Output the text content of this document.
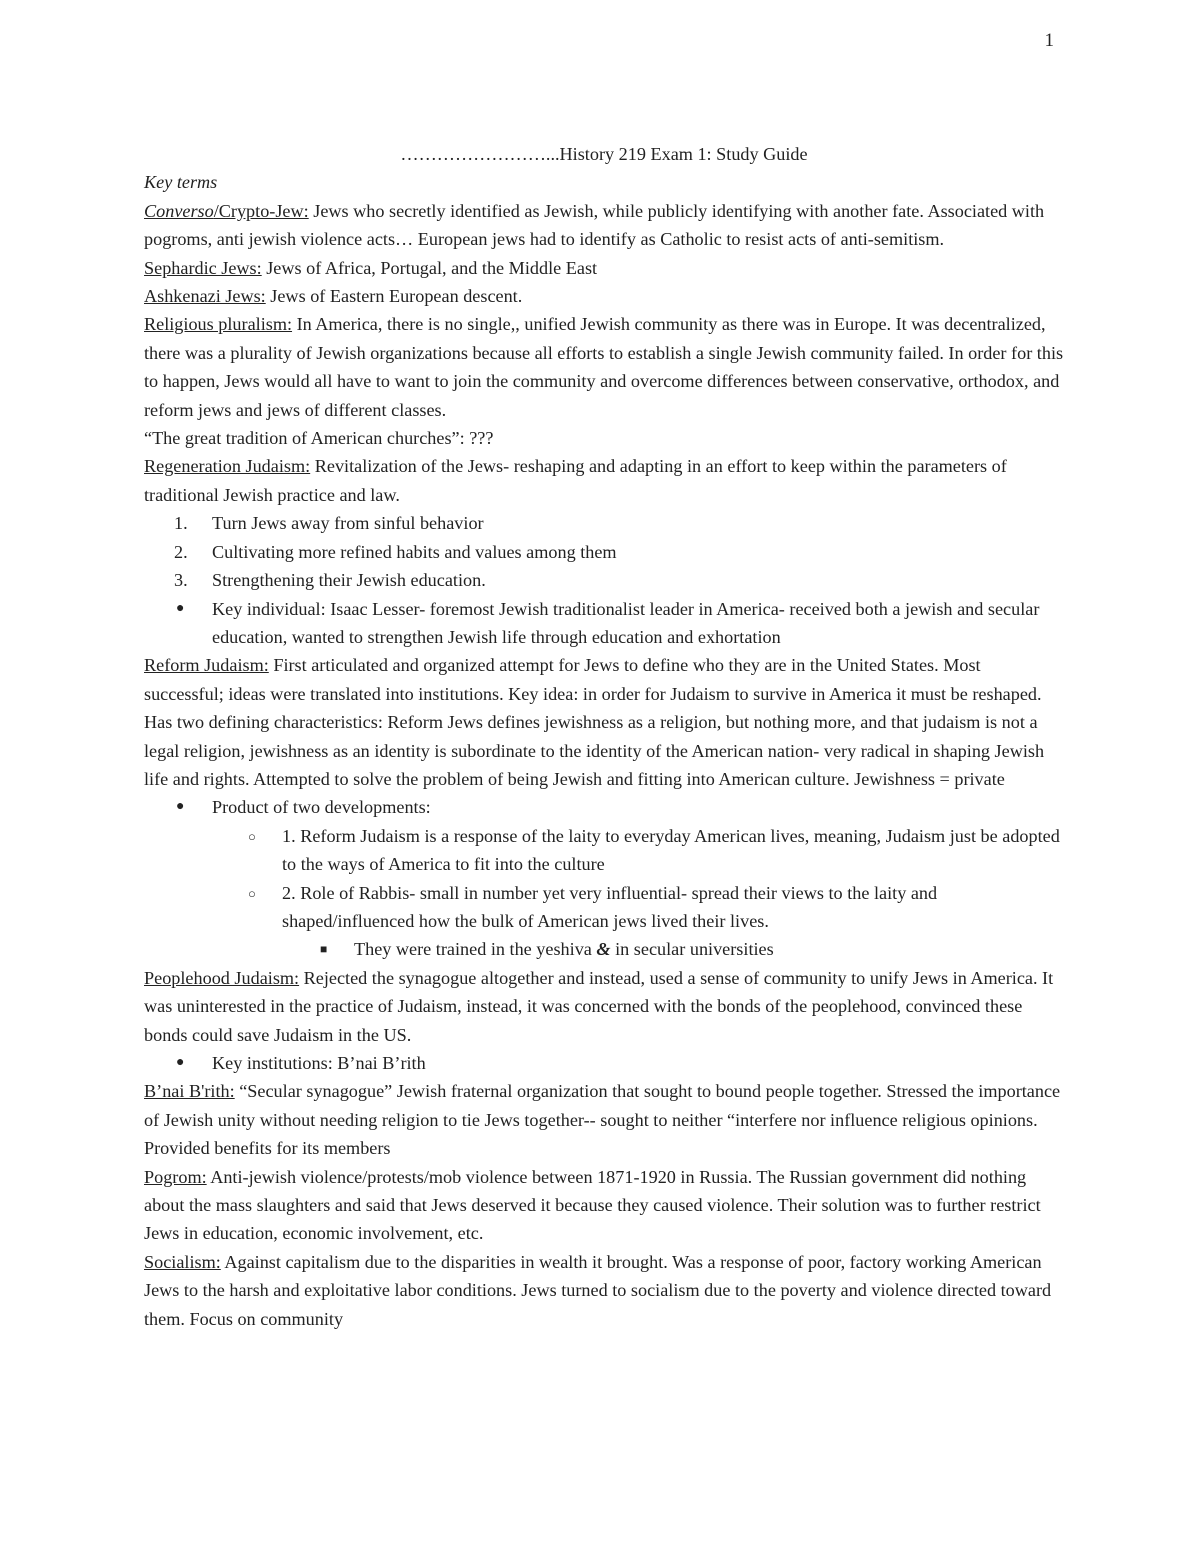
1

……………………...History 219 Exam 1: Study Guide

Key terms

Converso/Crypto-Jew: Jews who secretly identified as Jewish, while publicly identifying with another fate. Associated with pogroms, anti jewish violence acts… European jews had to identify as Catholic to resist acts of anti-semitism.

Sephardic Jews: Jews of Africa, Portugal, and the Middle East

Ashkenazi Jews: Jews of Eastern European descent.

Religious pluralism: In America, there is no single,, unified Jewish community as there was in Europe. It was decentralized, there was a plurality of Jewish organizations because all efforts to establish a single Jewish community failed. In order for this to happen, Jews would all have to want to join the community and overcome differences between conservative, orthodox, and reform jews and jews of different classes.

“The great tradition of American churches”: ???

Regeneration Judaism: Revitalization of the Jews- reshaping and adapting in an effort to keep within the parameters of traditional Jewish practice and law.

1. Turn Jews away from sinful behavior
2. Cultivating more refined habits and values among them
3. Strengthening their Jewish education.
● Key individual: Isaac Lesser- foremost Jewish traditionalist leader in America- received both a jewish and secular education, wanted to strengthen Jewish life through education and exhortation

Reform Judaism: First articulated and organized attempt for Jews to define who they are in the United States. Most successful; ideas were translated into institutions. Key idea: in order for Judaism to survive in America it must be reshaped. Has two defining characteristics: Reform Jews defines jewishness as a religion, but nothing more, and that judaism is not a legal religion, jewishness as an identity is subordinate to the identity of the American nation- very radical in shaping Jewish life and rights. Attempted to solve the problem of being Jewish and fitting into American culture. Jewishness = private

● Product of two developments:
○ 1. Reform Judaism is a response of the laity to everyday American lives, meaning, Judaism just be adopted to the ways of America to fit into the culture
○ 2. Role of Rabbis- small in number yet very influential- spread their views to the laity and shaped/influenced how the bulk of American jews lived their lives.
■ They were trained in the yeshiva & in secular universities

Peoplehood Judaism: Rejected the synagogue altogether and instead, used a sense of community to unify Jews in America. It was uninterested in the practice of Judaism, instead, it was concerned with the bonds of the peoplehood, convinced these bonds could save Judaism in the US.

● Key institutions: B’nai B’rith

B’nai B'rith: “Secular synagogue” Jewish fraternal organization that sought to bound people together. Stressed the importance of Jewish unity without needing religion to tie Jews together-- sought to neither “interfere nor influence religious opinions. Provided benefits for its members

Pogrom: Anti-jewish violence/protests/mob violence between 1871-1920 in Russia. The Russian government did nothing about the mass slaughters and said that Jews deserved it because they caused violence. Their solution was to further restrict Jews in education, economic involvement, etc.

Socialism: Against capitalism due to the disparities in wealth it brought. Was a response of poor, factory working American Jews to the harsh and exploitative labor conditions. Jews turned to socialism due to the poverty and violence directed toward them. Focus on community
